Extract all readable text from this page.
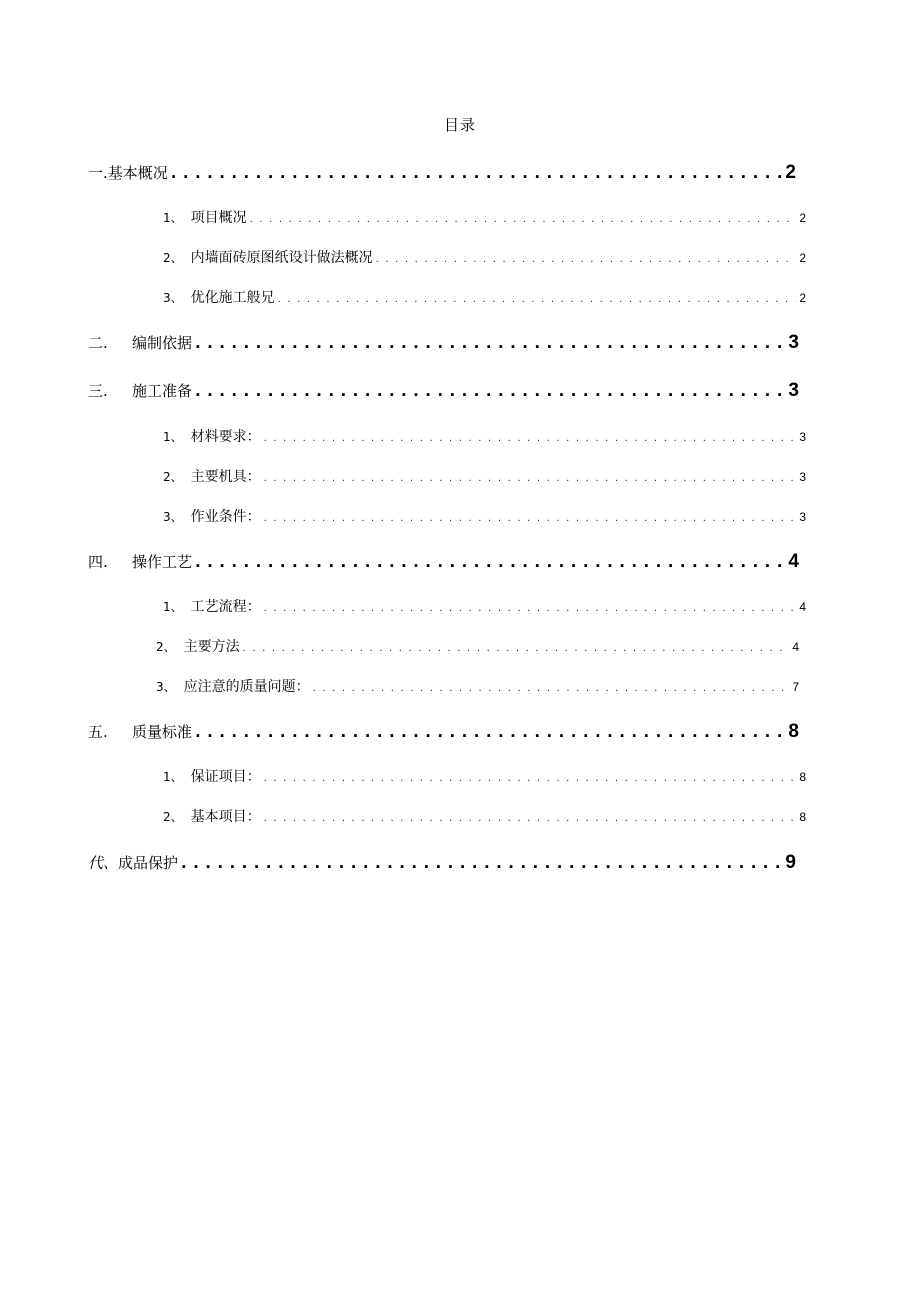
目录
一. 基本概况 . . .	2
1、 项目概况 . . .	2
2、 内墙面砖原图纸设计做法概况 . . .	2
3、 优化施工般兄 . . .	2
二.	编制依据 . . .	3
三.	施工准备 . . .	3
1、 材料要求： . . .	3
2、 主要机具： . . .	3
3、 作业条件： . . .	3
四.	操作工艺 . . .	4
1、 工艺流程： . . .	4
2、 主要方法 . . .	4
3、 应注意的质量问题： . . .	7
五.	质量标准 . . .	8
1、 保证项目： . . .	8
2、 基本项目： . . .	8
代、 成品保护 . . .	9
